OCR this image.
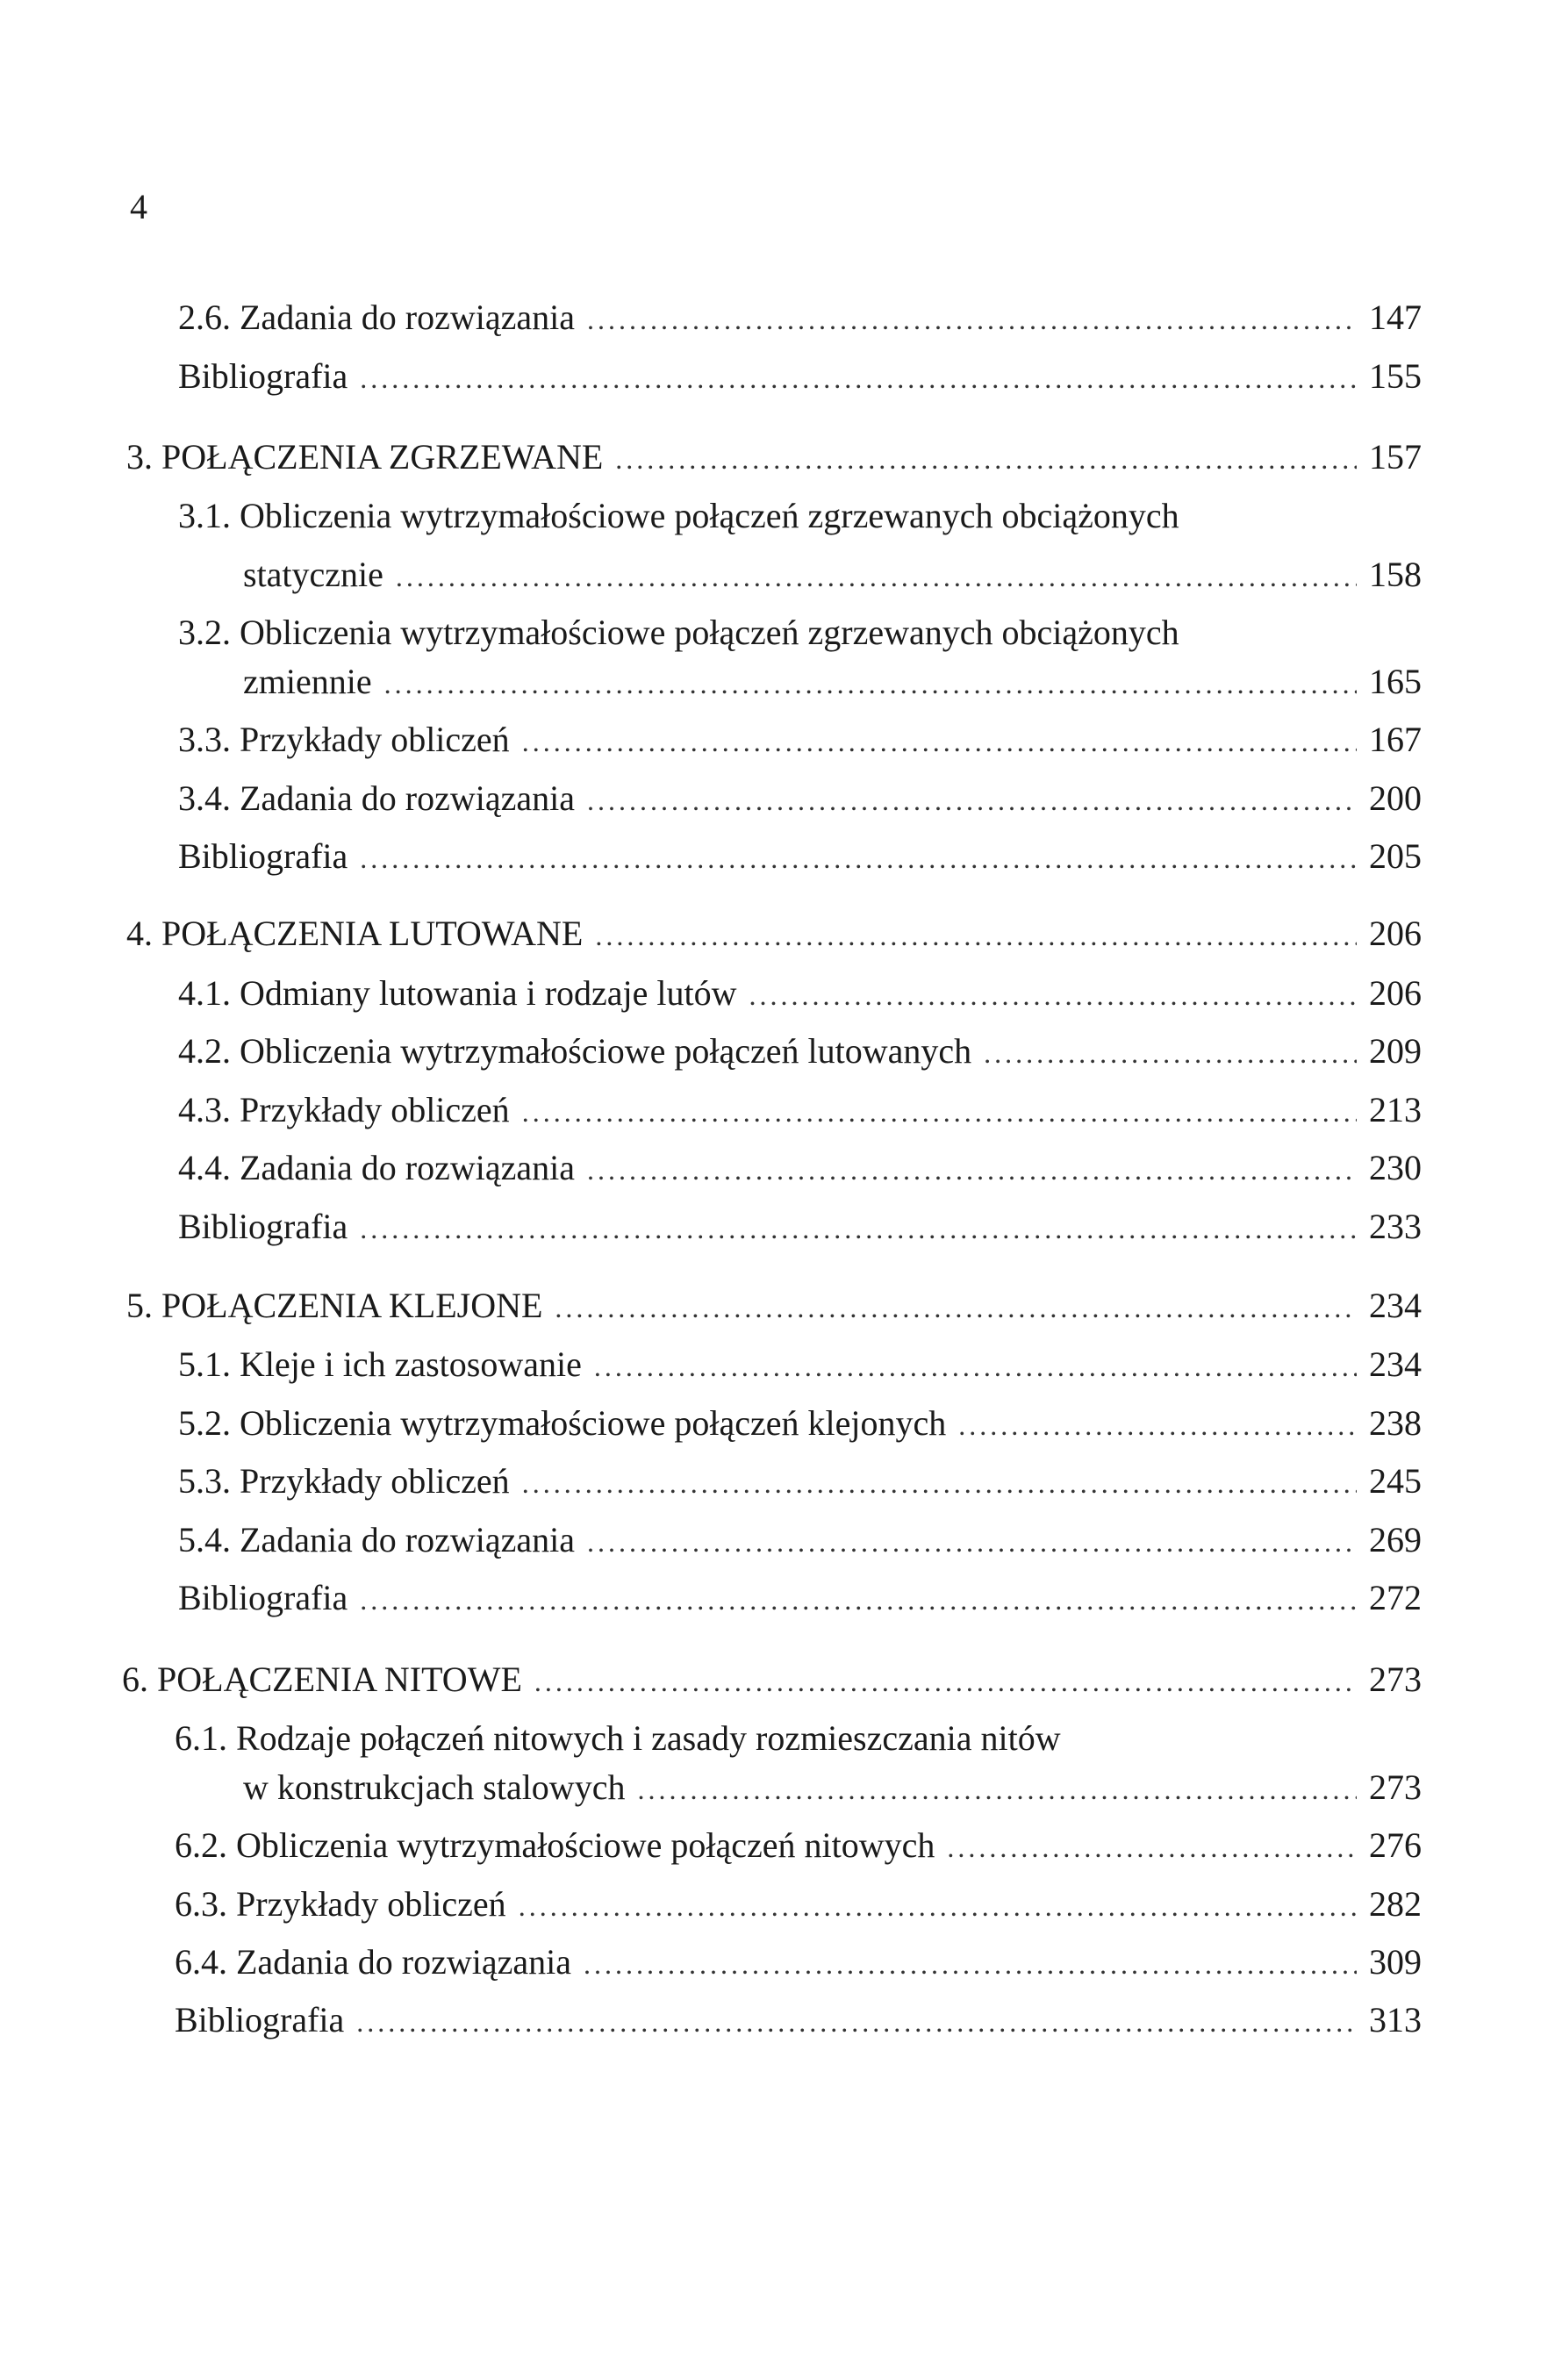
4
2.6. Zadania do rozwiązania .....	147
Bibliografia .....	155
3. POŁĄCZENIA ZGRZEWANE .....	157
3.1. Obliczenia wytrzymałościowe połączeń zgrzewanych obciążonych
statycznie .....	158
3.2. Obliczenia wytrzymałościowe połączeń zgrzewanych obciążonych
zmiennie .....	165
3.3. Przykłady obliczeń .....	167
3.4. Zadania do rozwiązania .....	200
Bibliografia .....	205
4. POŁĄCZENIA LUTOWANE .....	206
4.1. Odmiany lutowania i rodzaje lutów .....	206
4.2. Obliczenia wytrzymałościowe połączeń lutowanych .....	209
4.3. Przykłady obliczeń .....	213
4.4. Zadania do rozwiązania .....	230
Bibliografia .....	233
5. POŁĄCZENIA KLEJONE .....	234
5.1. Kleje i ich zastosowanie .....	234
5.2. Obliczenia wytrzymałościowe połączeń klejonych .....	238
5.3. Przykłady obliczeń .....	245
5.4. Zadania do rozwiązania .....	269
Bibliografia .....	272
6. POŁĄCZENIA NITOWE .....	273
6.1. Rodzaje połączeń nitowych i zasady rozmieszczania nitów
w konstrukcjach stalowych .....	273
6.2. Obliczenia wytrzymałościowe połączeń nitowych .....	276
6.3. Przykłady obliczeń .....	282
6.4. Zadania do rozwiązania .....	309
Bibliografia .....	313
